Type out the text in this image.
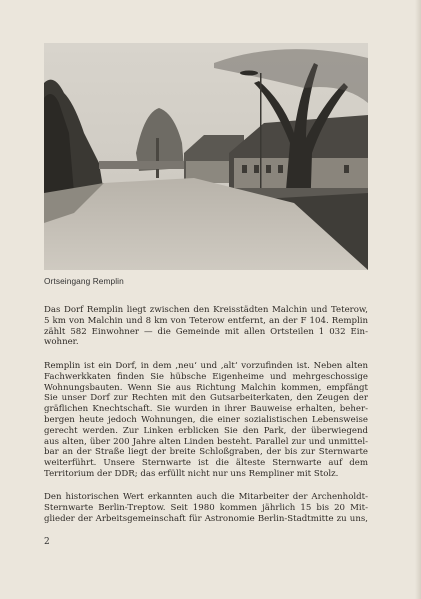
Ortseingang Remplin
Das Dorf Remplin liegt zwischen den Kreisstädten Malchin und Teterow,
5 km von Malchin und 8 km von Teterow entfernt, an der F 104. Remplin
zählt 582 Einwohner — die Gemeinde mit allen Ortsteilen 1 032 Ein-
wohner.
Remplin ist ein Dorf, in dem ‚neu‘ und ‚alt‘ vorzufinden ist. Neben alten
Fachwerkkaten finden Sie hübsche Eigenheime und mehrgeschossige
Wohnungsbauten. Wenn Sie aus Richtung Malchin kommen, empfängt
Sie unser Dorf zur Rechten mit den Gutsarbeiterkaten, den Zeugen der
gräflichen Knechtschaft. Sie wurden in ihrer Bauweise erhalten, beher-
bergen heute jedoch Wohnungen, die einer sozialistischen Lebensweise
gerecht werden. Zur Linken erblicken Sie den Park, der überwiegend
aus alten, über 200 Jahre alten Linden besteht. Parallel zur und unmittel-
bar an der Straße liegt der breite Schloßgraben, der bis zur Sternwarte
weiterführt. Unsere Sternwarte ist die älteste Sternwarte auf dem
Territorium der DDR; das erfüllt nicht nur uns Rempliner mit Stolz.
Den historischen Wert erkannten auch die Mitarbeiter der Archenholdt-
Sternwarte Berlin-Treptow. Seit 1980 kommen jährlich 15 bis 20 Mit-
glieder der Arbeitsgemeinschaft für Astronomie Berlin-Stadtmitte zu uns,
2
